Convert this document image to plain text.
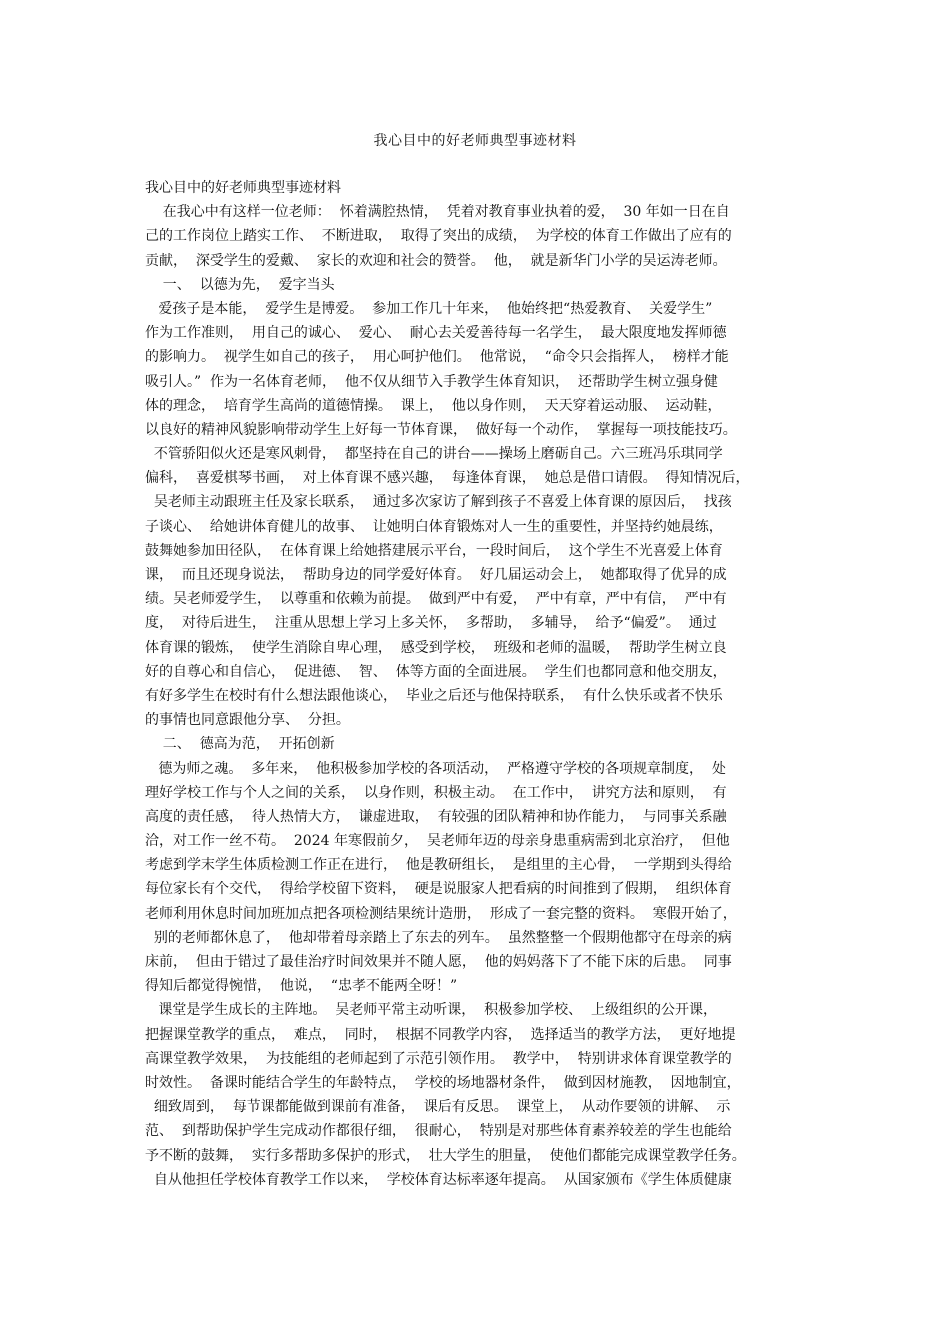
我心目中的好老师典型事迹材料
我心目中的好老师典型事迹材料
在我心中有这样一位老师：  怀着满腔热情，  凭着对教育事业执着的爱，  30 年如一日在自
己的工作岗位上踏实工作、  不断进取，  取得了突出的成绩，  为学校的体育工作做出了应有的
贡献，  深受学生的爱戴、  家长的欢迎和社会的赞誉。  他，  就是新华门小学的吴运涛老师。
一、  以德为先，  爱字当头
爱孩子是本能，  爱学生是博爱。  参加工作几十年来，  他始终把“热爱教育、  关爱学生”
作为工作准则，  用自己的诚心、  爱心、  耐心去关爱善待每一名学生，  最大限度地发挥师德
的影响力。  视学生如自己的孩子，  用心呵护他们。  他常说，  “命令只会指挥人，  榜样才能
吸引人。”  作为一名体育老师，  他不仅从细节入手教学生体育知识，  还帮助学生树立强身健
体的理念，  培育学生高尚的道德情操。  课上，  他以身作则，  天天穿着运动服、  运动鞋，
以良好的精神风貌影响带动学生上好每一节体育课，  做好每一个动作，  掌握每一项技能技巧。
不管骄阳似火还是寒风刺骨，  都坚持在自己的讲台——操场上磨砺自己。六三班冯乐琪同学
偏科，  喜爱棋琴书画，  对上体育课不感兴趣，  每逢体育课，  她总是借口请假。  得知情况后，
吴老师主动跟班主任及家长联系，  通过多次家访了解到孩子不喜爱上体育课的原因后，  找孩
子谈心、  给她讲体育健儿的故事、  让她明白体育锻炼对人一生的重要性，并坚持约她晨练，
鼓舞她参加田径队，  在体育课上给她搭建展示平台，一段时间后，  这个学生不光喜爱上体育
课，  而且还现身说法，  帮助身边的同学爱好体育。  好几届运动会上，  她都取得了优异的成
绩。吴老师爱学生，  以尊重和依赖为前提。  做到严中有爱，  严中有章，严中有信，  严中有
度，  对待后进生，  注重从思想上学习上多关怀，  多帮助，  多辅导，  给予“偏爱”。  通过
体育课的锻炼，  使学生消除自卑心理，  感受到学校，  班级和老师的温暖，  帮助学生树立良
好的自尊心和自信心，  促进德、  智、  体等方面的全面进展。  学生们也都同意和他交朋友，
有好多学生在校时有什么想法跟他谈心，  毕业之后还与他保持联系，  有什么快乐或者不快乐
的事情也同意跟他分享、  分担。
二、  德高为范，  开拓创新
德为师之魂。  多年来，  他积极参加学校的各项活动，  严格遵守学校的各项规章制度，  处
理好学校工作与个人之间的关系，  以身作则，积极主动。  在工作中，  讲究方法和原则，  有
高度的责任感，  待人热情大方，  谦虚进取，  有较强的团队精神和协作能力，  与同事关系融
洽，对工作一丝不苟。  2024 年寒假前夕，  吴老师年迈的母亲身患重病需到北京治疗，  但他
考虑到学末学生体质检测工作正在进行，  他是教研组长，  是组里的主心骨，  一学期到头得给
每位家长有个交代，  得给学校留下资料，  硬是说服家人把看病的时间推到了假期，  组织体育
老师利用休息时间加班加点把各项检测结果统计造册，  形成了一套完整的资料。  寒假开始了，
别的老师都休息了，  他却带着母亲踏上了东去的列车。  虽然整整一个假期他都守在母亲的病
床前，  但由于错过了最佳治疗时间效果并不随人愿，  他的妈妈落下了不能下床的后患。  同事
得知后都觉得惋惜，  他说，  “忠孝不能两全呀！”
课堂是学生成长的主阵地。  吴老师平常主动听课，  积极参加学校、  上级组织的公开课，
把握课堂教学的重点，  难点，  同时，  根据不同教学内容，  选择适当的教学方法，  更好地提
高课堂教学效果，  为技能组的老师起到了示范引领作用。  教学中，  特别讲求体育课堂教学的
时效性。  备课时能结合学生的年龄特点，  学校的场地器材条件，  做到因材施教，  因地制宜，
细致周到，  每节课都能做到课前有准备，  课后有反思。  课堂上，  从动作要领的讲解、  示
范、  到帮助保护学生完成动作都很仔细，  很耐心，  特别是对那些体育素养较差的学生也能给
予不断的鼓舞，  实行多帮助多保护的形式，  壮大学生的胆量，  使他们都能完成课堂教学任务。
自从他担任学校体育教学工作以来，  学校体育达标率逐年提高。  从国家颁布《学生体质健康
